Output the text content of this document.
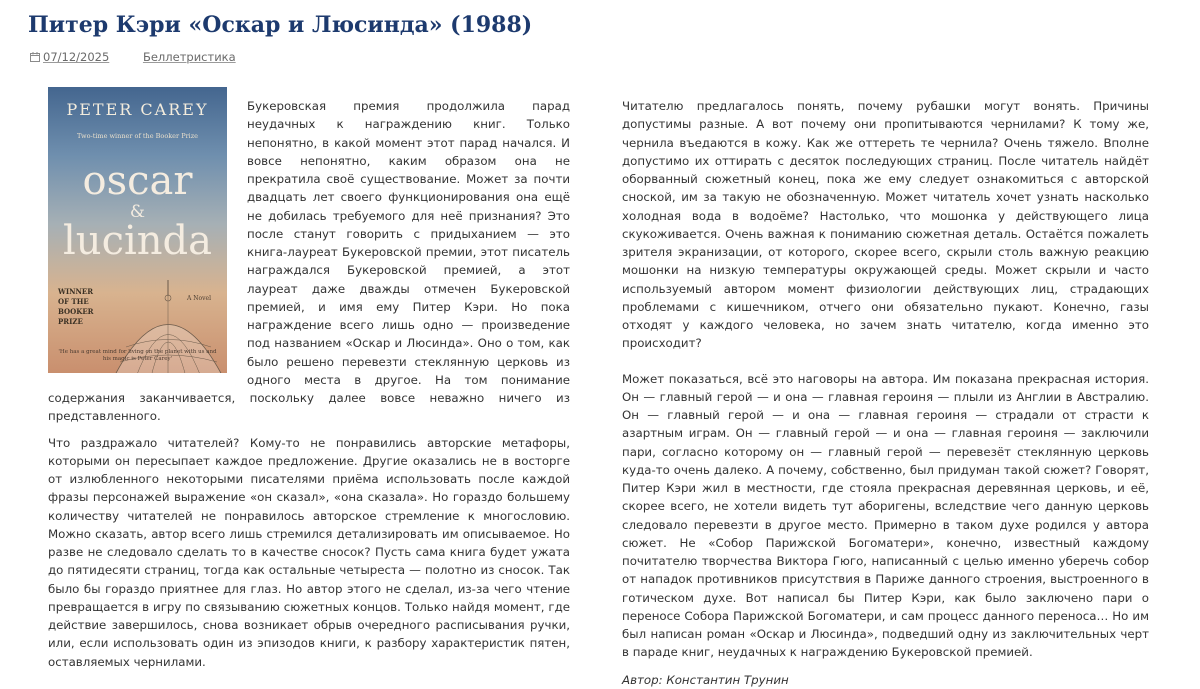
Питер Кэри «Оскар и Люсинда» (1988)
07/12/2025	Беллетристика
PETER CAREY
Two-time winner of the Booker Prize
oscar
&
lucinda
WINNER OF THE BOOKER PRIZE
A Novel
'He has a great mind for living on the planet with us and his magic is Peter Carey'

Букеровская премия продолжила парад неудачных к награждению книг. Только непонятно, в какой момент этот парад начался. И вовсе непонятно, каким образом она не прекратила своё существование. Может за почти двадцать лет своего функционирования она ещё не добилась требуемого для неё признания? Это после станут говорить с придыханием — это книга-лауреат Букеровской премии, этот писатель награждался Букеровской премией, а этот лауреат даже дважды отмечен Букеровской премией, и имя ему Питер Кэри. Но пока награждение всего лишь одно — произведение под названием «Оскар и Люсинда». Оно о том, как было решено перевезти стеклянную церковь из одного места в другое. На том понимание содержания заканчивается, поскольку далее вовсе неважно ничего из представленного.

Что раздражало читателей? Кому-то не понравились авторские метафоры, которыми он пересыпает каждое предложение. Другие оказались не в восторге от излюбленного некоторыми писателями приёма использовать после каждой фразы персонажей выражение «он сказал», «она сказала». Но гораздо большему количеству читателей не понравилось авторское стремление к многословию. Можно сказать, автор всего лишь стремился детализировать им описываемое. Но разве не следовало сделать то в качестве сносок? Пусть сама книга будет ужата до пятидесяти страниц, тогда как остальные четыреста — полотно из сносок. Так было бы гораздо приятнее для глаз. Но автор этого не сделал, из-за чего чтение превращается в игру по связыванию сюжетных концов. Только найдя момент, где действие завершилось, снова возникает обрыв очередного расписывания ручки, или, если использовать один из эпизодов книги, к разбору характеристик пятен, оставляемых чернилами.

Читателю предлагалось понять, почему рубашки могут вонять. Причины допустимы разные. А вот почему они пропитываются чернилами? К тому же, чернила въедаются в кожу. Как же оттереть те чернила? Очень тяжело. Вполне допустимо их оттирать с десяток последующих страниц. После читатель найдёт оборванный сюжетный конец, пока же ему следует ознакомиться с авторской сноской, им за такую не обозначенную. Может читатель хочет узнать насколько холодная вода в водоёме? Настолько, что мошонка у действующего лица скукоживается. Очень важная к пониманию сюжетная деталь. Остаётся пожалеть зрителя экранизации, от которого, скорее всего, скрыли столь важную реакцию мошонки на низкую температуры окружающей среды. Может скрыли и часто используемый автором момент физиологии действующих лиц, страдающих проблемами с кишечником, отчего они обязательно пукают. Конечно, газы отходят у каждого человека, но зачем знать читателю, когда именно это происходит?

Может показаться, всё это наговоры на автора. Им показана прекрасная история. Он — главный герой — и она — главная героиня — плыли из Англии в Австралию. Он — главный герой — и она — главная героиня — страдали от страсти к азартным играм. Он — главный герой — и она — главная героиня — заключили пари, согласно которому он — главный герой — перевезёт стеклянную церковь куда-то очень далеко. А почему, собственно, был придуман такой сюжет? Говорят, Питер Кэри жил в местности, где стояла прекрасная деревянная церковь, и её, скорее всего, не хотели видеть тут аборигены, вследствие чего данную церковь следовало перевезти в другое место. Примерно в таком духе родился у автора сюжет. Не «Собор Парижской Богоматери», конечно, известный каждому почитателю творчества Виктора Гюго, написанный с целью именно уберечь собор от нападок противников присутствия в Париже данного строения, выстроенного в готическом духе. Вот написал бы Питер Кэри, как было заключено пари о переносе Собора Парижской Богоматери, и сам процесс данного переноса… Но им был написан роман «Оскар и Люсинда», подведший одну из заключительных черт в параде книг, неудачных к награждению Букеровской премией.

Автор: Константин Трунин
